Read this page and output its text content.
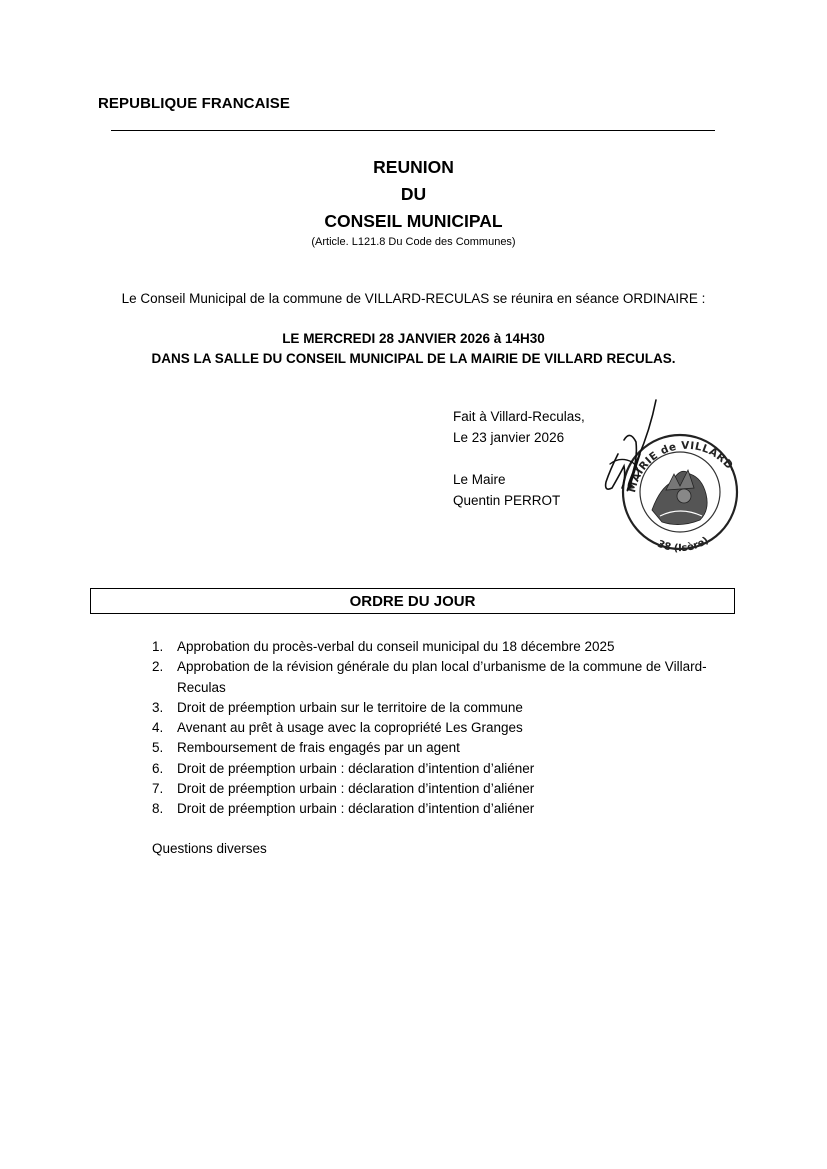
REPUBLIQUE FRANCAISE
REUNION
DU
CONSEIL MUNICIPAL
(Article. L121.8 Du Code des Communes)
Le Conseil Municipal de la commune de VILLARD-RECULAS se réunira en séance ORDINAIRE :
LE MERCREDI 28 JANVIER 2026 à 14H30
DANS LA SALLE DU CONSEIL MUNICIPAL DE LA MAIRIE DE VILLARD RECULAS.
Fait à Villard-Reculas,
Le 23 janvier 2026
Le Maire
Quentin PERROT
MAIRIE de VILLARD-
38 (Isère)
ORDRE DU JOUR
1.	Approbation du procès-verbal du conseil municipal du 18 décembre 2025
2.	Approbation de la révision générale du plan local d’urbanisme de la commune de Villard-Reculas
3.	Droit de préemption urbain sur le territoire de la commune
4.	Avenant au prêt à usage avec la copropriété Les Granges
5.	Remboursement de frais engagés par un agent
6.	Droit de préemption urbain : déclaration d’intention d’aliéner
7.	Droit de préemption urbain : déclaration d’intention d’aliéner
8.	Droit de préemption urbain : déclaration d’intention d’aliéner
Questions diverses
